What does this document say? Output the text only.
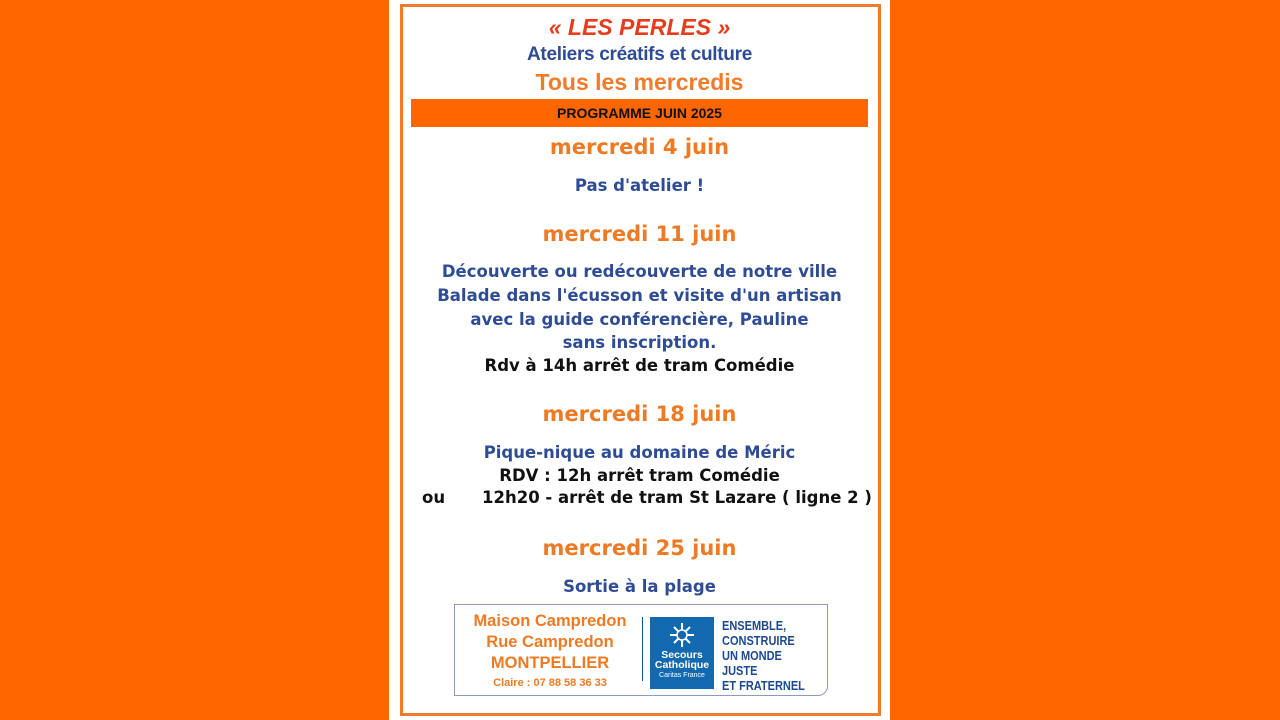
« LES PERLES »
Ateliers créatifs et culture
Tous les mercredis
PROGRAMME JUIN 2025
mercredi 4 juin
Pas d'atelier !
mercredi 11 juin
Découverte ou redécouverte de notre ville
Balade dans l'écusson et visite d'un artisan
avec la guide conférencière, Pauline
sans inscription.
Rdv à 14h arrêt de tram Comédie
mercredi 18 juin
Pique-nique au domaine de Méric
RDV : 12h arrêt tram Comédie
ou 12h20 - arrêt de tram St Lazare ( ligne 2 )
mercredi 25 juin
Sortie à la plage
Maison Campredon
Rue Campredon
MONTPELLIER
Claire : 07 88 58 36 33
Secours
Catholique
Caritas France
ENSEMBLE,
CONSTRUIRE
UN MONDE JUSTE
ET FRATERNEL
